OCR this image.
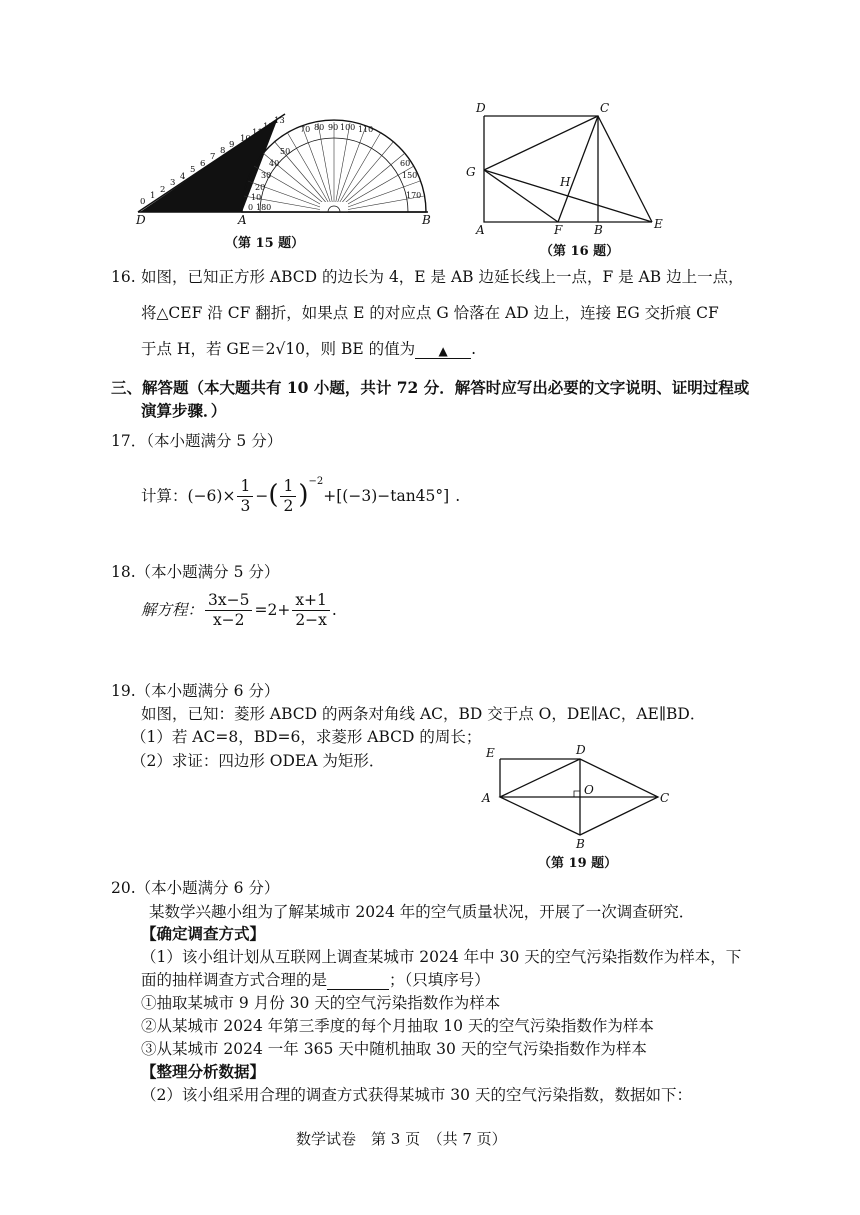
0
1
2
3
4
5
6
7
8
9
10
11
12
13
70 80 90 100 110
50
40
30
20
10
0 180
60
150
170
D	A	B
（第 15 题）
D	C
G
H
A	F	B	E
（第 16 题）
16. 如图，已知正方形 ABCD 的边长为 4，E 是 AB 边延长线上一点，F 是 AB 边上一点，
将△CEF 沿 CF 翻折，如果点 E 的对应点 G 恰落在 AD 边上，连接 EG 交折痕 CF
于点 H，若 GE＝2√10，则 BE 的值为 ▲ .
三、解答题（本大题共有 10 小题，共计 72 分．解答时应写出必要的文字说明、证明过程或
演算步骤．）
17．（本小题满分 5 分）
计算： $(-6)\times \frac{1}{3}$ − ( $\frac{1}{2} )^{-2}$
+[(−3)−tan45°] .
18.（本小题满分 5 分）
解方程： $\frac{3x-5}{x-2} =2+ \frac{x+1}{2-x}$ .
19.（本小题满分 6 分）
如图，已知：菱形 ABCD 的两条对角线 AC，BD 交于点 O，DE∥AC，AE∥BD．
（1）若 AC=8，BD=6，求菱形 ABCD 的周长；
（2）求证：四边形 ODEA 为矩形．	E	D
A
O
C
B
（第 19 题）
20.（本小题满分 6 分）
某数学兴趣小组为了解某城市 2024 年的空气质量状况，开展了一次调查研究．
【确定调查方式】
（1）该小组计划从互联网上调查某城市 2024 年中 30 天的空气污染指数作为样本，下
面的抽样调查方式合理的是	；（只填序号）
①抽取某城市 9 月份 30 天的空气污染指数作为样本
②从某城市 2024 年第三季度的每个月抽取 10 天的空气污染指数作为样本
③从某城市 2024 一年 365 天中随机抽取 30 天的空气污染指数作为样本
【整理分析数据】
（2）该小组采用合理的调查方式获得某城市 30 天的空气污染指数，数据如下：
数学试卷　第 3 页　（共 7 页）
